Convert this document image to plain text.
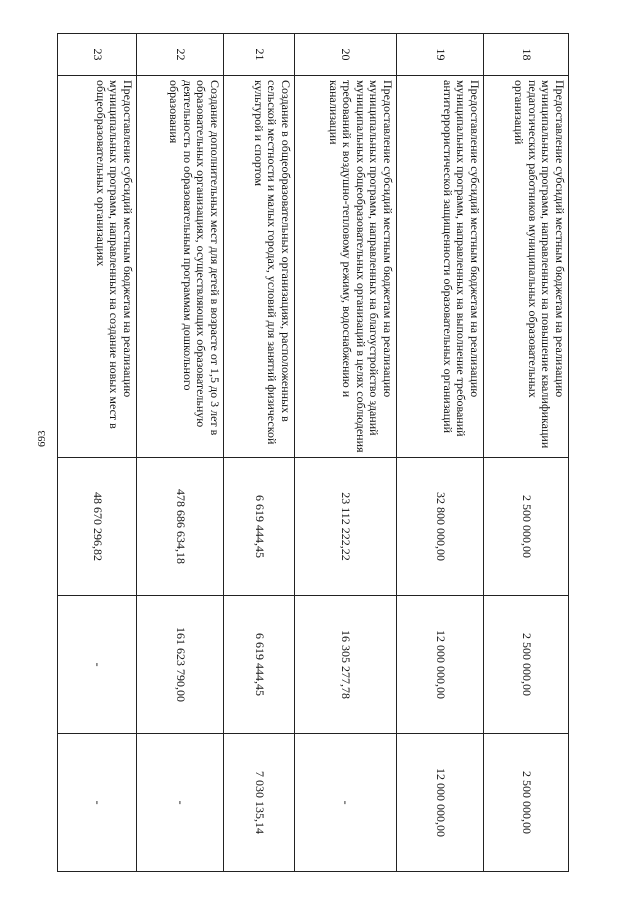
693
18	Предоставление субсидий местным бюджетам на реализацию муниципальных программ, направленных на повышение квалификации педагогических работников муниципальных образовательных организаций	2 500 000,00	2 500 000,00	2 500 000,00
19	Предоставление субсидий местным бюджетам на реализацию муниципальных программ, направленных на выполнение требований антитеррористической защищенности образовательных организаций	32 800 000,00	12 000 000,00	12 000 000,00
20	Предоставление субсидий местным бюджетам на реализацию муниципальных программ, направленных на благоустройство зданий муниципальных общеобразовательных организаций в целях соблюдения требований к воздушно-тепловому режиму, водоснабжению и канализации	23 112 222,22	16 305 277,78	-
21	Создание в общеобразовательных организациях, расположенных в сельской местности и малых городах, условий для занятий физической культурой и спортом	6 619 444,45	6 619 444,45	7 030 135,14
22	Создание дополнительных мест для детей в возрасте от 1,5 до 3 лет в образовательных организациях, осуществляющих образовательную деятельность по образовательным программам дошкольного образования	478 686 634,18	161 623 790,00	-
23	Предоставление субсидий местным бюджетам на реализацию муниципальных программ, направленных на создание новых мест в общеобразовательных организациях	48 670 296,82	-	-
